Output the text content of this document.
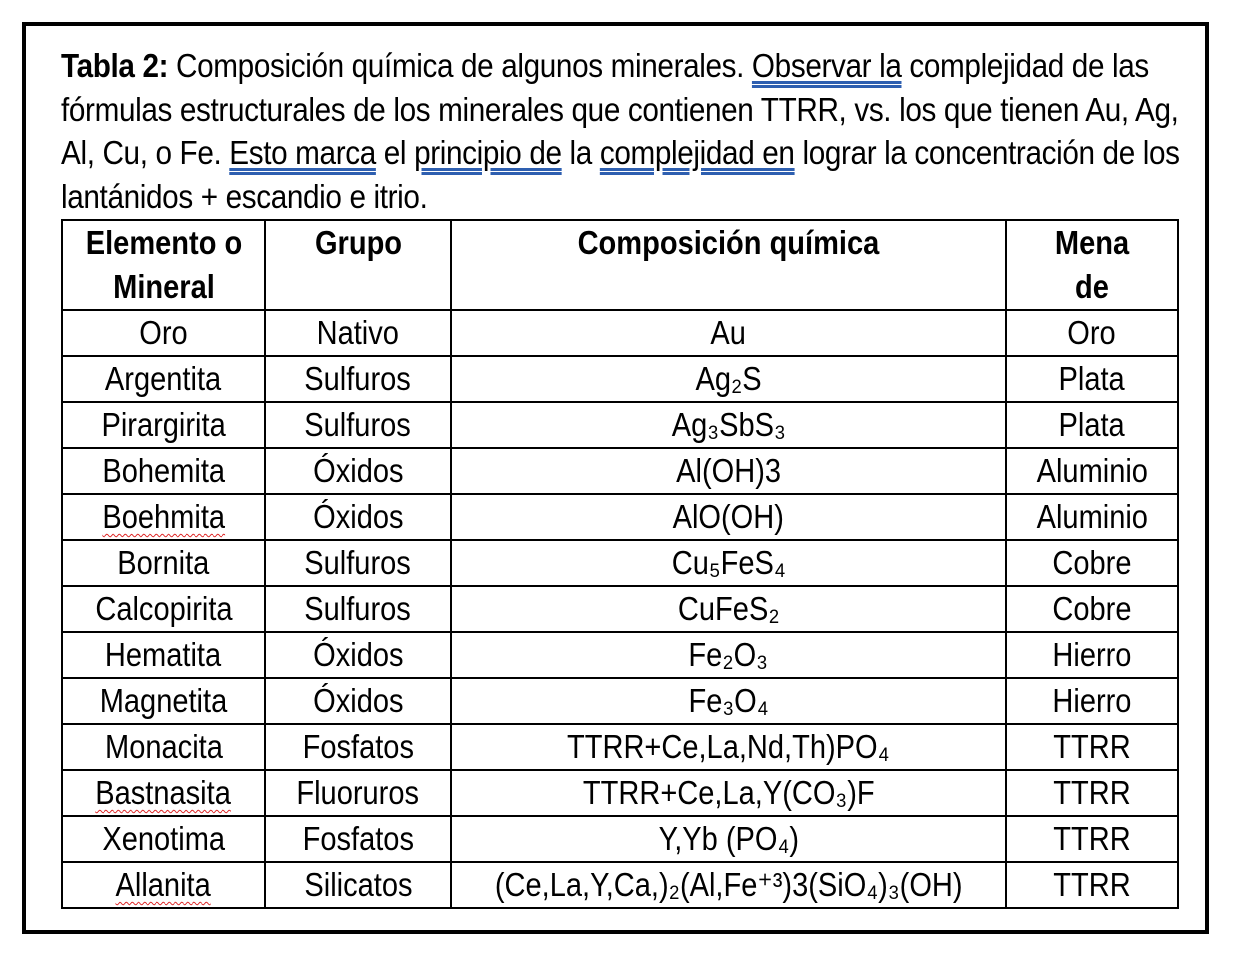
Tabla 2: Composición química de algunos minerales. Observar la complejidad de las fórmulas estructurales de los minerales que contienen TTRR, vs. los que tienen Au, Ag, Al, Cu, o Fe. Esto marca el principio de la complejidad en lograr la concentración de los lantánidos + escandio e itrio.
Elemento o Mineral	Grupo	Composición química	Mena de
Oro	Nativo	Au	Oro
Argentita	Sulfuros	Ag₂S	Plata
Pirargirita	Sulfuros	Ag₃SbS₃	Plata
Bohemita	Óxidos	Al(OH)3	Aluminio
Boehmita	Óxidos	AlO(OH)	Aluminio
Bornita	Sulfuros	Cu₅FeS₄	Cobre
Calcopirita	Sulfuros	CuFeS₂	Cobre
Hematita	Óxidos	Fe₂O₃	Hierro
Magnetita	Óxidos	Fe₃O₄	Hierro
Monacita	Fosfatos	TTRR+Ce,La,Nd,Th)PO₄	TTRR
Bastnasita	Fluoruros	TTRR+Ce,La,Y(CO₃)F	TTRR
Xenotima	Fosfatos	Y,Yb (PO₄)	TTRR
Allanita	Silicatos	(Ce,La,Y,Ca,)₂(Al,Fe⁺³)3(SiO₄)₃(OH)	TTRR
